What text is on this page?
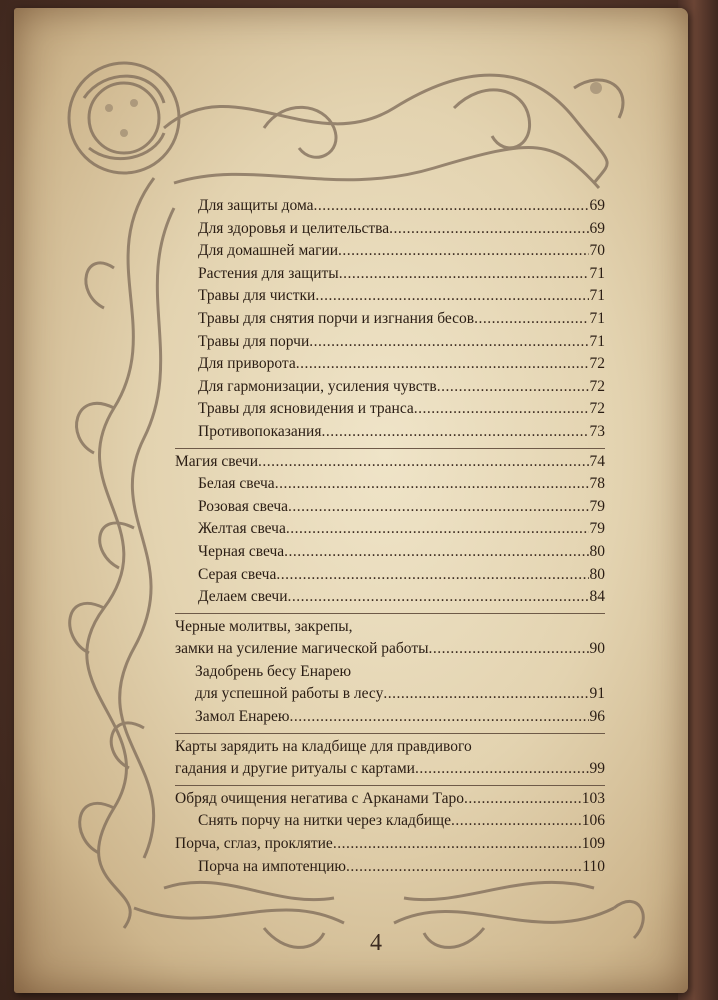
4
Для защиты дома .....	69
Для здоровья и целительства .....	69
Для домашней магии .....	70
Растения для защиты .....	71
Травы для чистки .....	71
Травы для снятия порчи и изгнания бесов .....	71
Травы для порчи .....	71
Для приворота .....	72
Для гармонизации, усиления чувств .....	72
Травы для ясновидения и транса .....	72
Противопоказания .....	73
Магия свечи .....	74
Белая свеча .....	78
Розовая свеча .....	79
Желтая свеча .....	79
Черная свеча .....	80
Серая свеча .....	80
Делаем свечи .....	84
Черные молитвы, закрепы,
замки на усиление магической работы .....	90
Задобрень бесу Енарею
для успешной работы в лесу .....	91
Замол Енарею .....	96
Карты зарядить на кладбище для правдивого
гадания и другие ритуалы с картами .....	99
Обряд очищения негатива с Арканами Таро .....	103
Снять порчу на нитки через кладбище .....	106
Порча, сглаз, проклятие .....	109
Порча на импотенцию .....	110
